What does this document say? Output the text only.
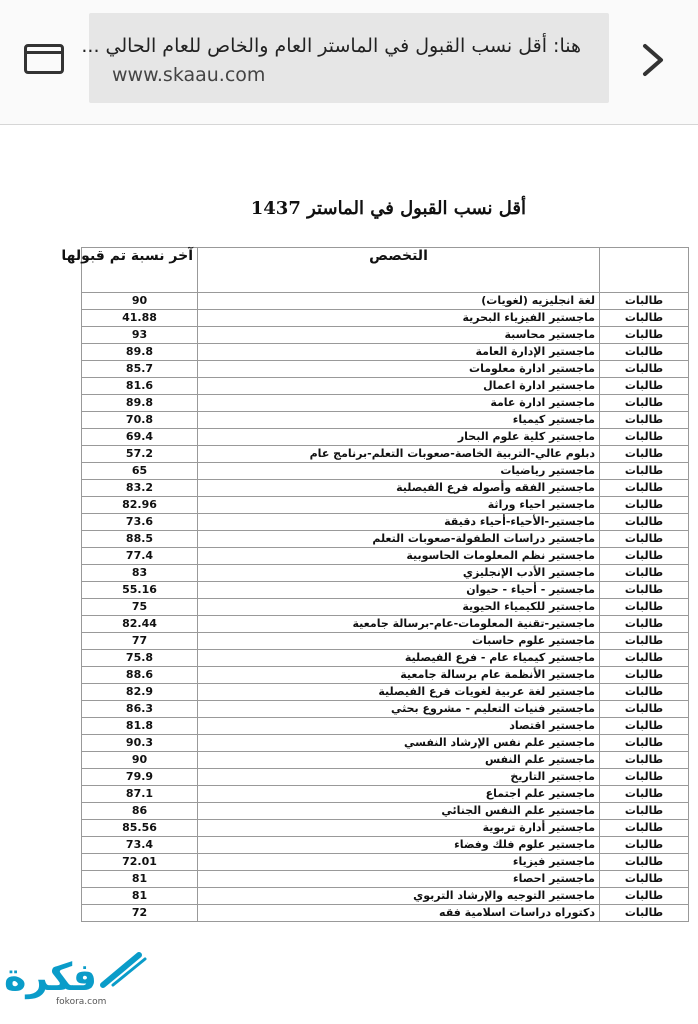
هنا: أقل نسب القبول في الماستر العام والخاص للعام الحالي ...
www.skaau.com
أقل نسب القبول في الماستر 1437
آخر نسبة تم قبولها	التخصص	
90	لغة انجليزيه (لغويات)	طالبات
41.88	ماجستير الفيزياء البحرية	طالبات
93	ماجستير محاسبة	طالبات
89.8	ماجستير الإدارة العامة	طالبات
85.7	ماجستير ادارة معلومات	طالبات
81.6	ماجستير ادارة اعمال	طالبات
89.8	ماجستير ادارة عامة	طالبات
70.8	ماجستير كيمياء	طالبات
69.4	ماجستير كلية علوم البحار	طالبات
57.2	دبلوم عالي-التربية الخاصة-صعوبات التعلم-برنامج عام	طالبات
65	ماجستير رياضيات	طالبات
83.2	ماجستير الفقه وأصوله فرع الفيصلية	طالبات
82.96	ماجستير احياء وراثة	طالبات
73.6	ماجستير-الأحياء-أحياء دقيقة	طالبات
88.5	ماجستير دراسات الطفولة-صعوبات التعلم	طالبات
77.4	ماجستير نظم المعلومات الحاسوبية	طالبات
83	ماجستير الأدب الإنجليزي	طالبات
55.16	ماجستير - أحياء - حيوان	طالبات
75	ماجستير للكيمياء الحيوية	طالبات
82.44	ماجستير-تقنية المعلومات-عام-برسالة جامعية	طالبات
77	ماجستير علوم حاسبات	طالبات
75.8	ماجستير كيمياء عام - فرع الفيصلية	طالبات
88.6	ماجستير الأنظمة عام برسالة جامعية	طالبات
82.9	ماجستير لغة عربية لغويات فرع الفيصلية	طالبات
86.3	ماجستير فنيات التعليم - مشروع بحثي	طالبات
81.8	ماجستير اقتصاد	طالبات
90.3	ماجستير علم نفس الإرشاد النفسي	طالبات
90	ماجستير علم النفس	طالبات
79.9	ماجستير التاريخ	طالبات
87.1	ماجستير علم اجتماع	طالبات
86	ماجستير علم النفس الجنائي	طالبات
85.56	ماجستير أدارة تربوية	طالبات
73.4	ماجستير علوم فلك وفضاء	طالبات
72.01	ماجستير فيزياء	طالبات
81	ماجستير احصاء	طالبات
81	ماجستير التوجيه والإرشاد التربوي	طالبات
72	دكتوراه دراسات اسلامية فقه	طالبات
فكرة
fokora.com
